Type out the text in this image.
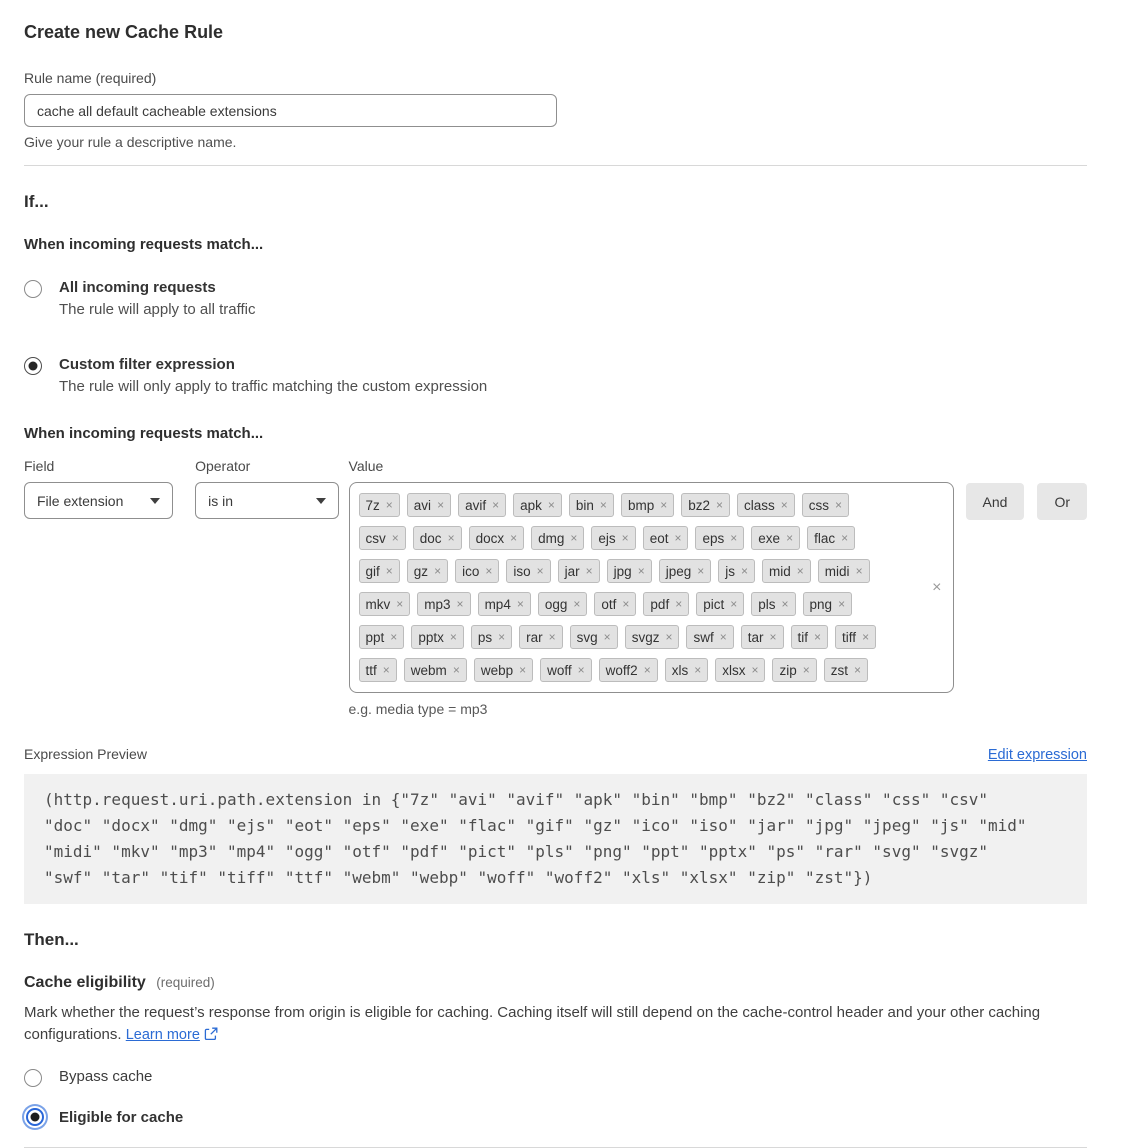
Create new Cache Rule
Rule name (required)
cache all default cacheable extensions
Give your rule a descriptive name.
If...
When incoming requests match...
All incoming requests
The rule will apply to all traffic
Custom filter expression
The rule will only apply to traffic matching the custom expression
When incoming requests match...
Field
File extension
Operator
is in
Value
7z × avi × avif × apk × bin × bmp × bz2 × class × css ×
csv × doc × docx × dmg × ejs × eot × eps × exe × flac ×
gif × gz × ico × iso × jar × jpg × jpeg × js × mid × midi ×
mkv × mp3 × mp4 × ogg × otf × pdf × pict × pls × png ×
ppt × pptx × ps × rar × svg × svgz × swf × tar × tif × tiff ×
ttf × webm × webp × woff × woff2 × xls × xlsx × zip × zst ×
×
e.g. media type = mp3
And	Or
Expression Preview	Edit expression
(http.request.uri.path.extension in {"7z" "avi" "avif" "apk" "bin" "bmp" "bz2" "class" "css" "csv" "doc" "docx" "dmg" "ejs" "eot" "eps" "exe" "flac" "gif" "gz" "ico" "iso" "jar" "jpg" "jpeg" "js" "mid" "midi" "mkv" "mp3" "mp4" "ogg" "otf" "pdf" "pict" "pls" "png" "ppt" "pptx" "ps" "rar" "svg" "svgz" "swf" "tar" "tif" "tiff" "ttf" "webm" "webp" "woff" "woff2" "xls" "xlsx" "zip" "zst"})
Then...
Cache eligibility (required)
Mark whether the request’s response from origin is eligible for caching. Caching itself will still depend on the cache-control header and your other caching configurations. Learn more
Bypass cache
Eligible for cache
